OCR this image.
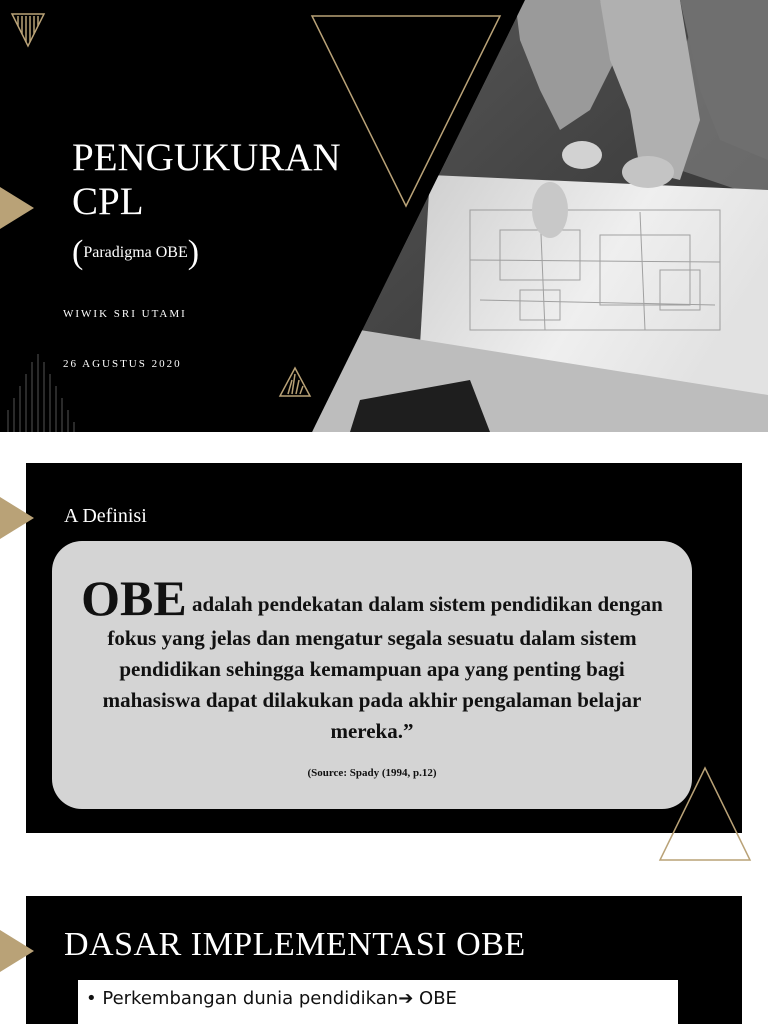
PENGUKURAN CPL
(Paradigma OBE)
WIWIK SRI UTAMI
26 AGUSTUS 2020
A Definisi
OBE adalah pendekatan dalam sistem pendidikan dengan fokus yang jelas dan mengatur segala sesuatu dalam sistem pendidikan sehingga kemampuan apa yang penting bagi mahasiswa dapat dilakukan pada akhir pengalaman belajar mereka.”
(Source: Spady (1994, p.12)
DASAR IMPLEMENTASI OBE
• Perkembangan dunia pendidikan➔ OBE
